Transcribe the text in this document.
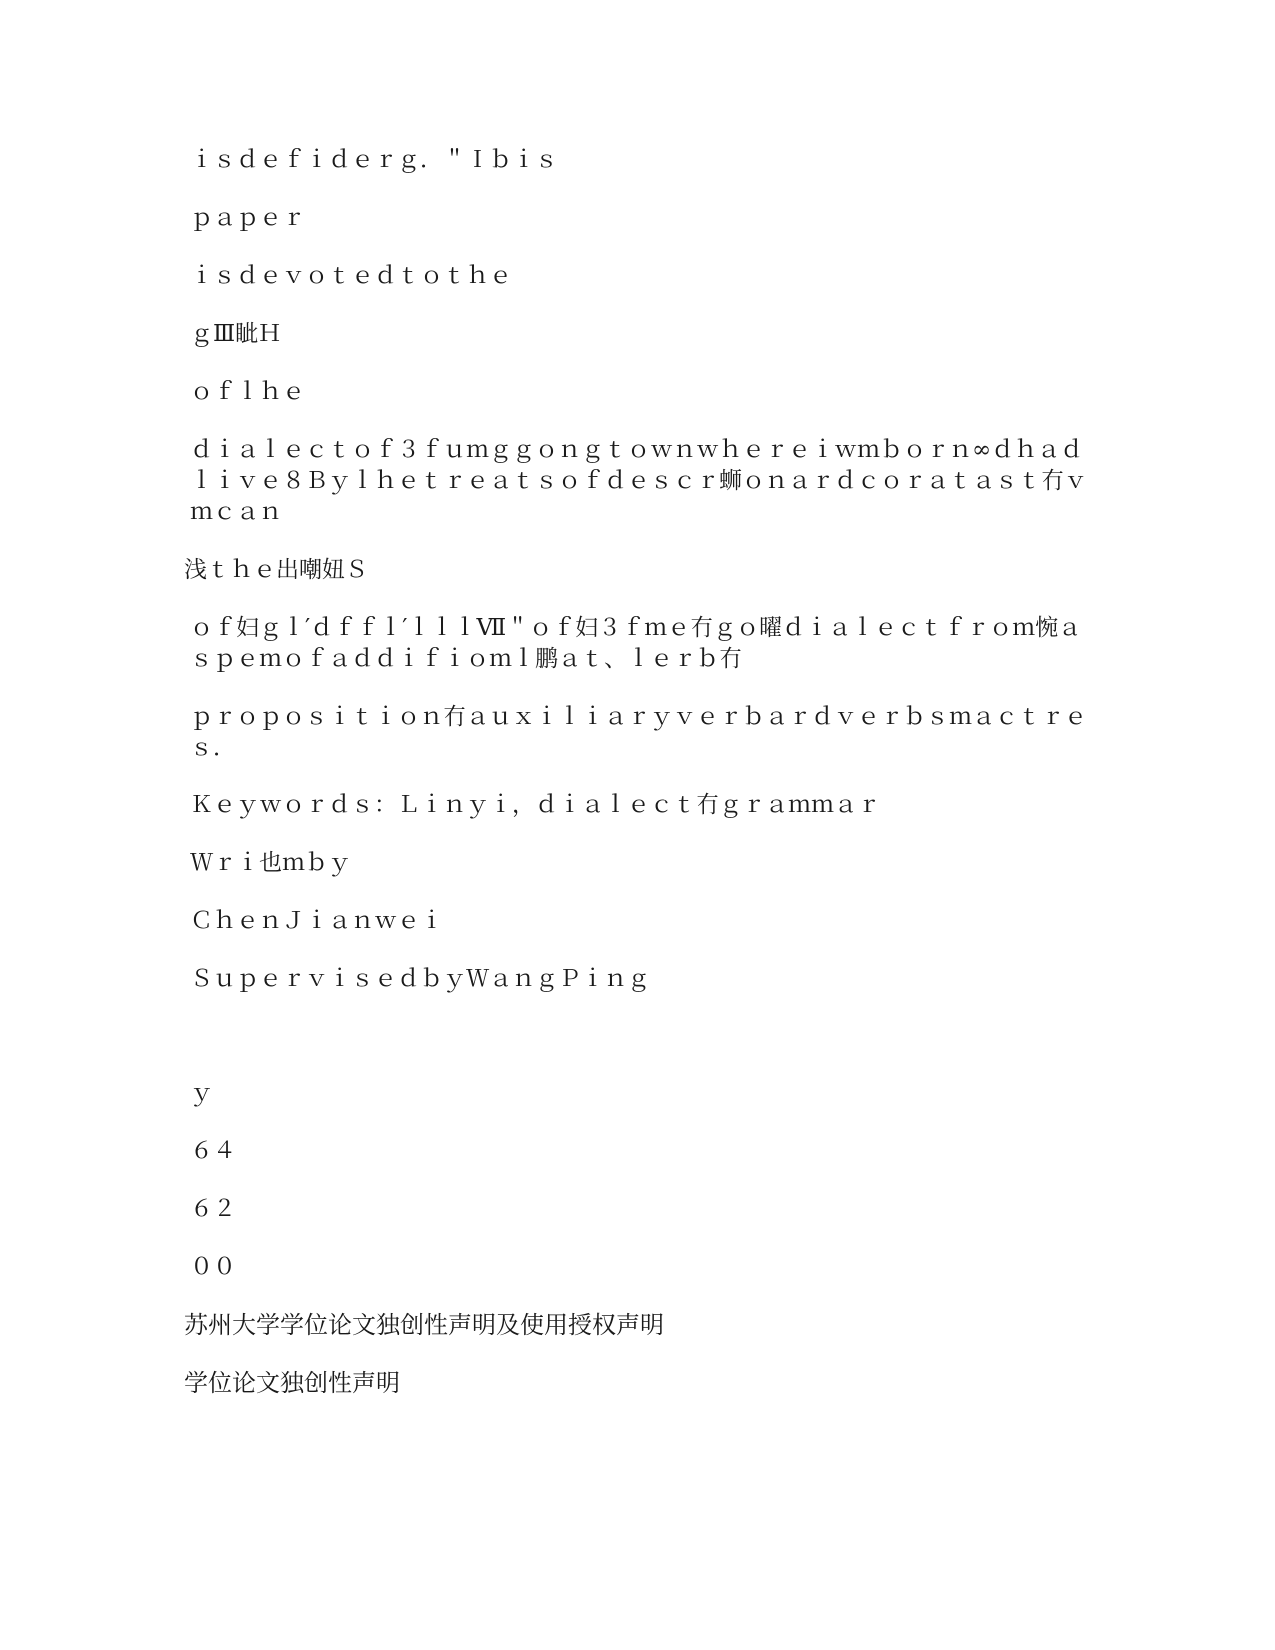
ｉｓｄｅｆｉｄｅｒｇ．＂Ｉｂｉｓ
ｐａｐｅｒ
ｉｓｄｅｖｏｔｅｄｔｏｔｈｅ
ｇⅢ眦Ｈ
ｏｆｌｈｅ
ｄｉａｌｅｃｔｏｆ３ｆｕｍｇｇｏｎｇｔｏｗｎｗｈｅｒｅｉｗｍｂｏｒｎ∞ｄｈａｄｌｉｖｅ８Ｂｙｌｈｅｔｒｅａｔｓｏｆｄｅｓｃｒ蛳ｏｎａｒｄｃｏｒａｔａｓｔ冇ｖｍｃａｎ
浅ｔｈｅ出嘲妞Ｓ
ｏｆ妇ｇｌ′ｄｆｆｌ′ｌｌｌⅦ＂ｏｆ妇３ｆｍｅ冇ｇｏ曜ｄｉａｌｅｃｔｆｒｏｍ惋ａｓｐｅｍｏｆａｄｄｉｆｉｏｍｌ鹏ａｔ、ｌｅｒｂ冇
ｐｒｏｐｏｓｉｔｉｏｎ冇ａｕｘｉｌｉａｒｙｖｅｒｂａｒｄｖｅｒｂｓｍａｃｔｒｅｓ．
Ｋｅｙｗｏｒｄｓ：Ｌｉｎｙｉ，ｄｉａｌｅｃｔ冇ｇｒａｍｍａｒ
Ｗｒｉ也ｍｂｙ
ＣｈｅｎＪｉａｎｗｅｉ
ＳｕｐｅｒｖｉｓｅｄｂｙＷａｎｇＰｉｎｇ
ｙ
６４
６２
００
苏州大学学位论文独创性声明及使用授权声明
学位论文独创性声明
